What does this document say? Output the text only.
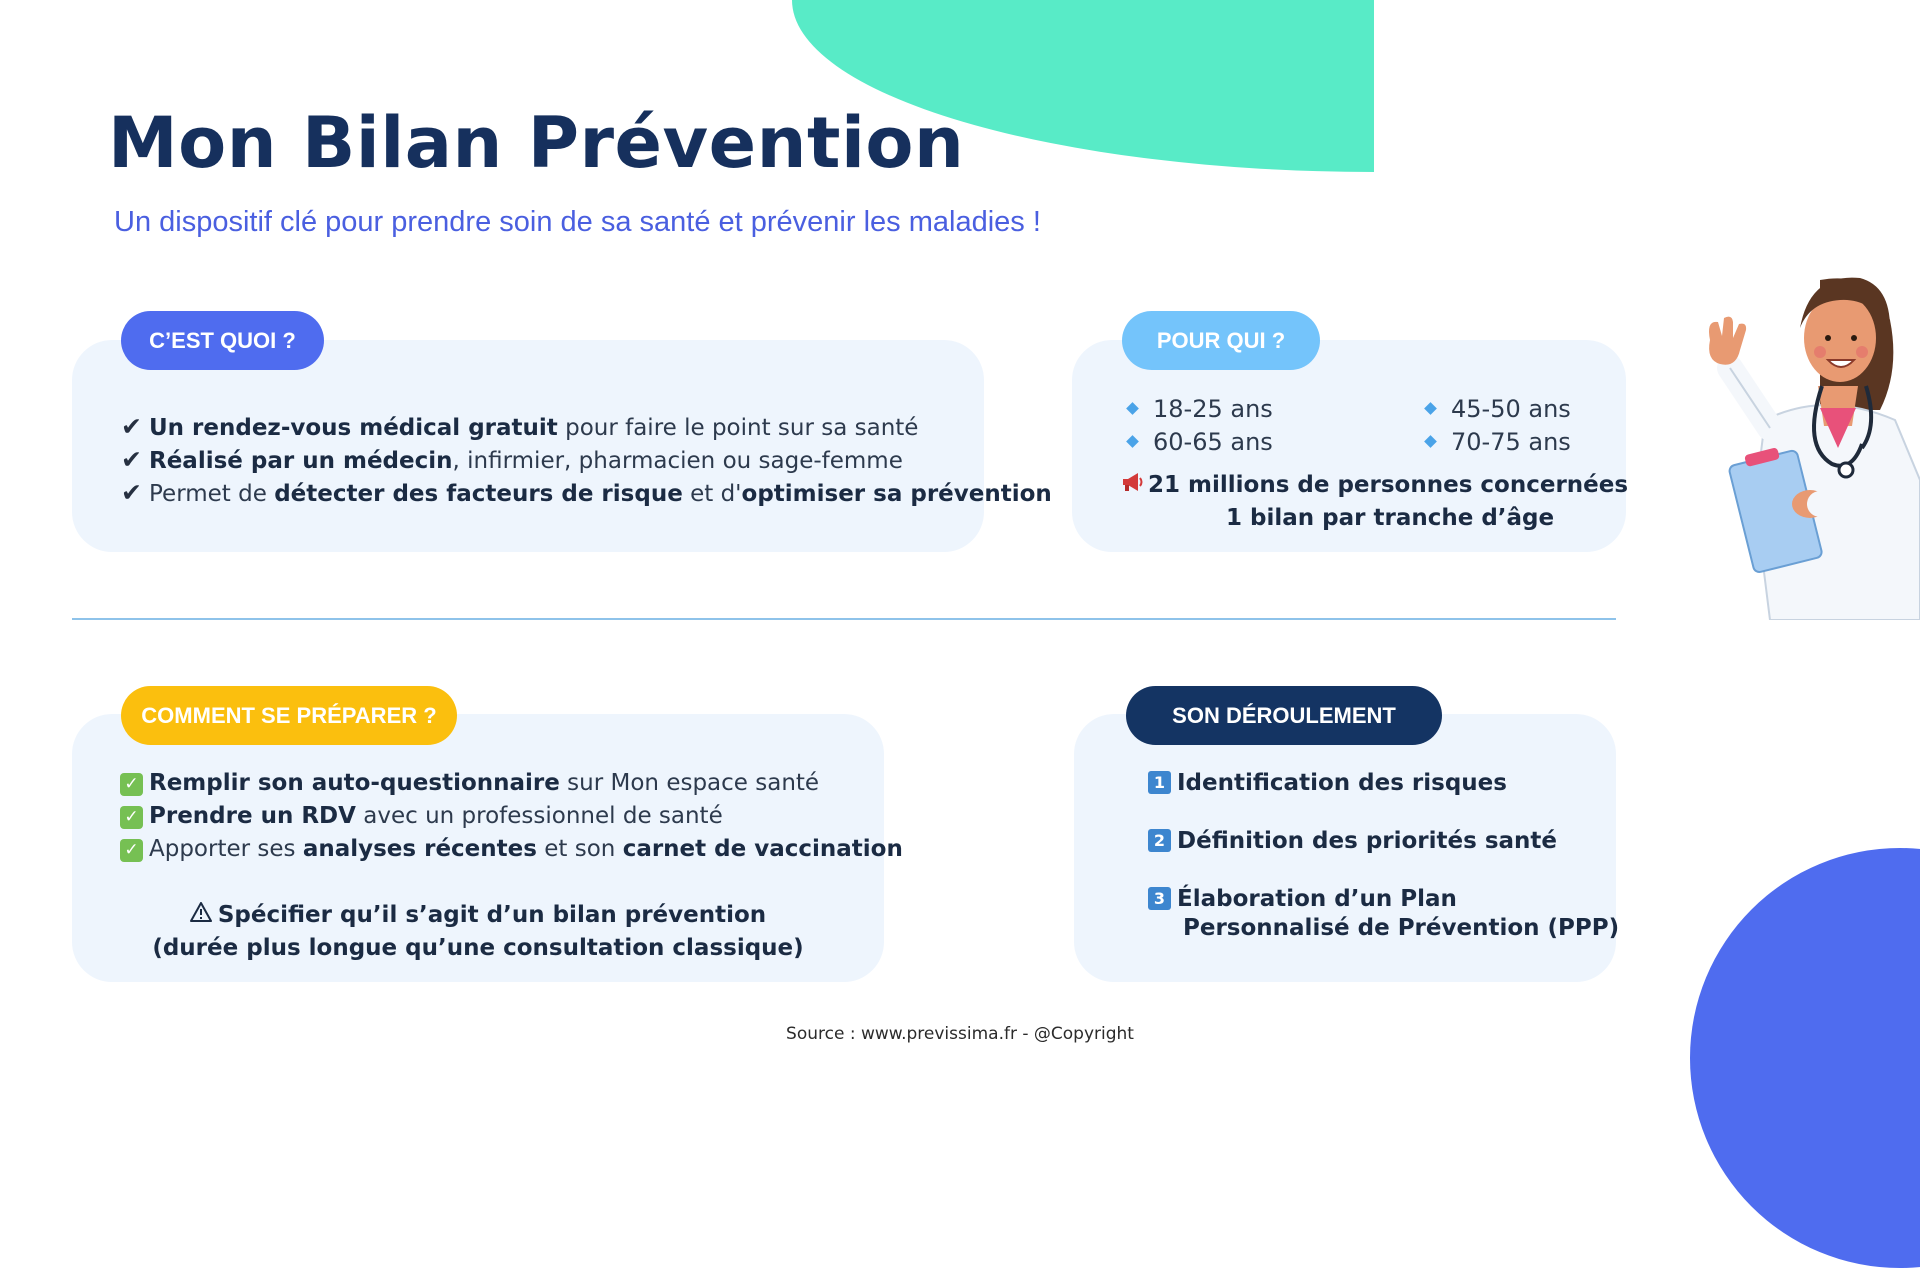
Mon Bilan Prévention
Un dispositif clé pour prendre soin de sa santé et prévenir les maladies !
C’EST QUOI ?	POUR QUI ?
COMMENT SE PRÉPARER ?	SON DÉROULEMENT
✔ Un rendez-vous médical gratuit pour faire le point sur sa santé
✔ Réalisé par un médecin, infirmier, pharmacien ou sage-femme
✔ Permet de détecter des facteurs de risque et d'optimiser sa prévention
18-25 ans	45-50 ans
60-65 ans	70-75 ans
21 millions de personnes concernées
1 bilan par tranche d’âge
✓ Remplir son auto-questionnaire sur Mon espace santé
✓ Prendre un RDV avec un professionnel de santé
✓ Apporter ses analyses récentes et son carnet de vaccination
Spécifier qu’il s’agit d’un bilan prévention
(durée plus longue qu’une consultation classique)
1 Identification des risques
2 Définition des priorités santé
3 Élaboration d’un Plan
Personnalisé de Prévention (PPP)
Source : www.previssima.fr - @Copyright
